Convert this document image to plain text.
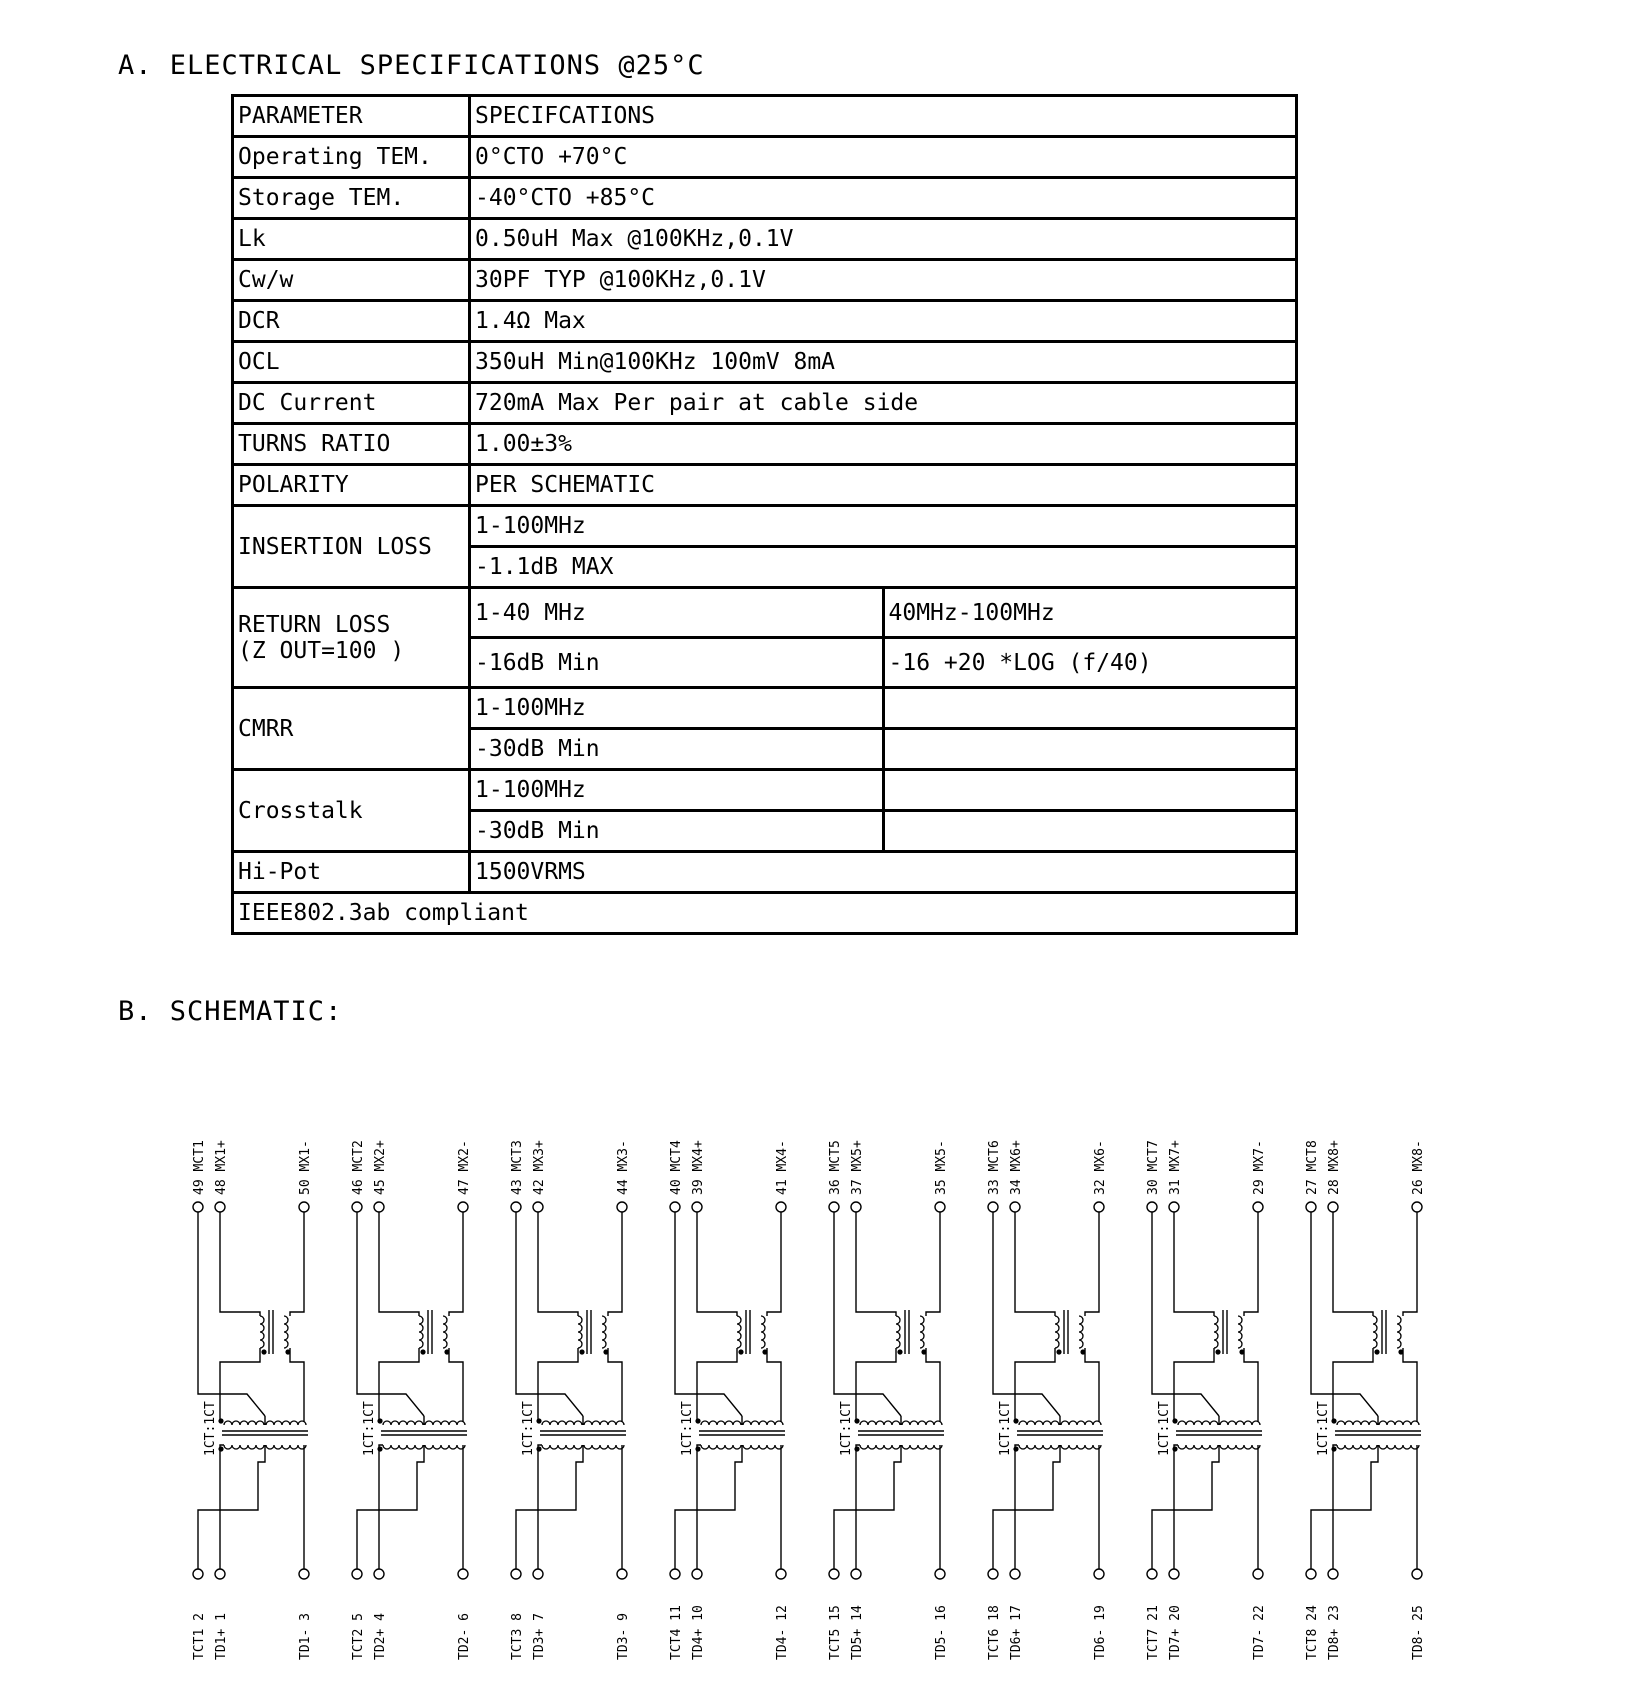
A. ELECTRICAL SPECIFICATIONS @25°C
PARAMETER	SPECIFCATIONS	
Operating TEM.	0°CTO +70°C	
Storage TEM.	-40°CTO +85°C	
Lk	0.50uH Max @100KHz,0.1V	
Cw/w	30PF TYP @100KHz,0.1V	
DCR	1.4Ω Max	
OCL	350uH Min@100KHz 100mV 8mA	
DC Current	720mA Max Per pair at cable side	
TURNS RATIO	1.00±3%	
POLARITY	PER SCHEMATIC	
INSERTION LOSS	1-100MHz	
	-1.1dB MAX	

RETURN LOSS
(Z OUT=100 )	1-40 MHz	40MHz-100MHz
	-16dB Min	-16 +20 *LOG (f/40)
CMRR	1-100MHz	
	-30dB Min	
Crosstalk	1-100MHz	
	-30dB Min	
Hi-Pot	1500VRMS	
IEEE802.3ab compliant		
B. SCHEMATIC:
49 MCT1 48 MX1+	50 MX1-
TCT1 2 TD1+ 1	TD1- 3
1CT:1CT
46 MCT2 45 MX2+	47 MX2-
TCT2 5 TD2+ 4	TD2- 6
1CT:1CT
43 MCT3 42 MX3+	44 MX3-
TCT3 8 TD3+ 7	TD3- 9
1CT:1CT
40 MCT4 39 MX4+	41 MX4-
TCT4 11 TD4+ 10	TD4- 12
1CT:1CT
36 MCT5 37 MX5+	35 MX5-
TCT5 15 TD5+ 14	TD5- 16
1CT:1CT
33 MCT6 34 MX6+	32 MX6-
TCT6 18 TD6+ 17	TD6- 19
1CT:1CT
30 MCT7 31 MX7+	29 MX7-
TCT7 21 TD7+ 20	TD7- 22
1CT:1CT
27 MCT8 28 MX8+	26 MX8-
TCT8 24 TD8+ 23	TD8- 25
1CT:1CT
